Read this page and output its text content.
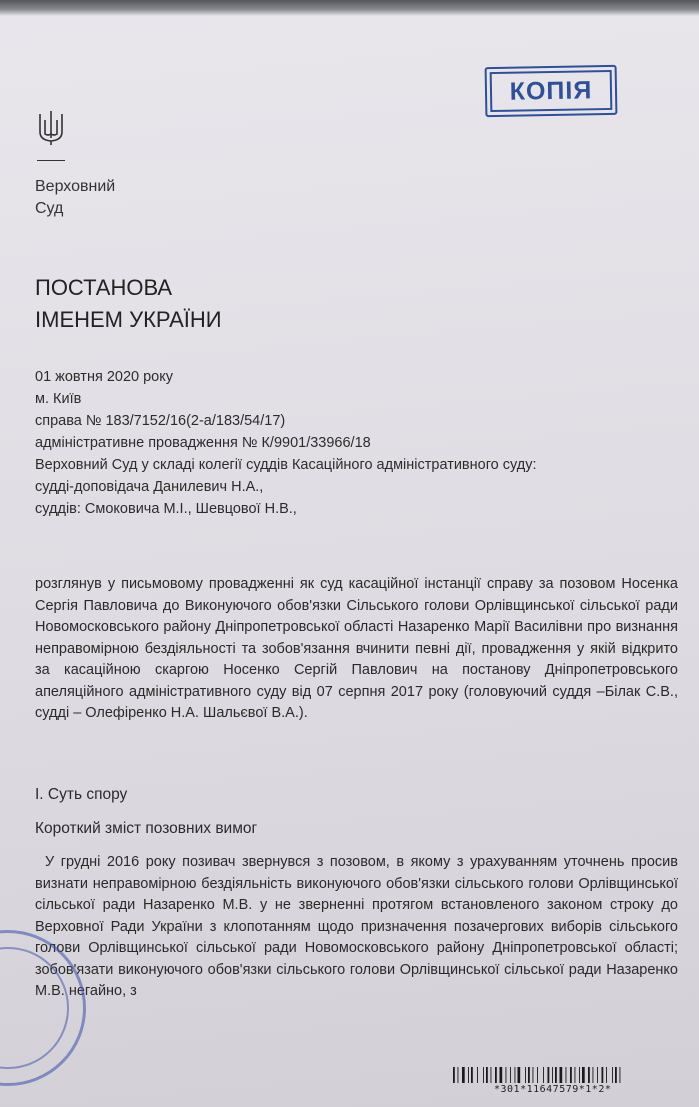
КОПІЯ
Верховний
Суд
ПОСТАНОВА
ІМЕНЕМ УКРАЇНИ
01 жовтня 2020 року
м. Київ
справа № 183/7152/16(2-а/183/54/17)
адміністративне провадження № К/9901/33966/18
Верховний Суд у складі колегії суддів Касаційного адміністративного суду:
судді-доповідача Данилевич Н.А.,
суддів: Смоковича М.І., Шевцової Н.В.,
розглянув у письмовому провадженні як суд касаційної інстанції справу за позовом Носенка Сергія Павловича до Виконуючого обов'язки Сільського голови Орлівщинської сільської ради Новомосковського району Дніпропетровської області Назаренко Марії Василівни про визнання неправомірною бездіяльності та зобов'язання вчинити певні дії, провадження у якій відкрито за касаційною скаргою Носенко Сергій Павлович на постанову Дніпропетровського апеляційного адміністративного суду від 07 серпня 2017 року (головуючий суддя –Білак С.В., судді – Олефіренко Н.А. Шальєвої В.А.).
І. Суть спору
Короткий зміст позовних вимог
У грудні 2016 року позивач звернувся з позовом, в якому з урахуванням уточнень просив визнати неправомірною бездіяльність виконуючого обов'язки сільського голови Орлівщинської сільської ради Назаренко М.В. у не зверненні протягом встановленого законом строку до Верховної Ради України з клопотанням щодо призначення позачергових виборів сільського голови Орлівщинської сільської ради Новомосковського району Дніпропетровської області; зобов'язати виконуючого обов'язки сільського голови Орлівщинської сільської ради Назаренко М.В. негайно, з
*301*11647579*1*2*
